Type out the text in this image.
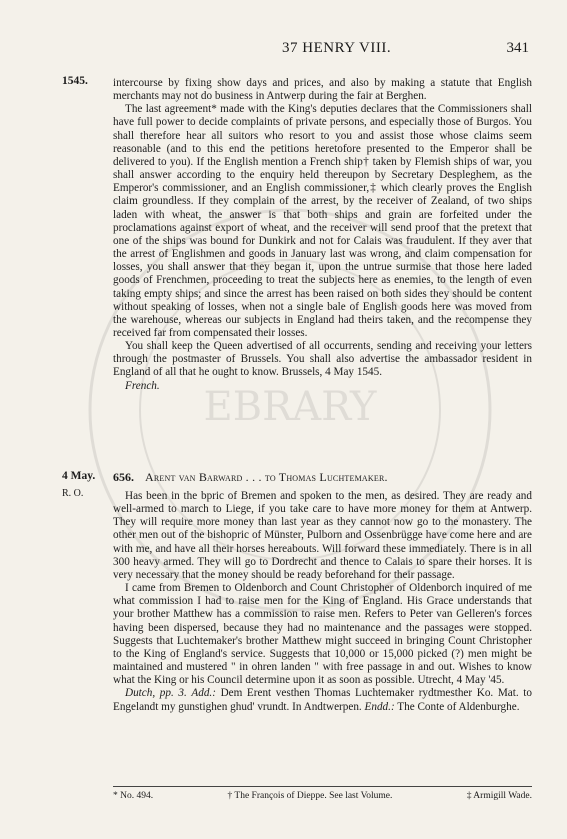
EBRARY
37 HENRY VIII.	341
1545. intercourse by fixing show days and prices, and also by making a statute that English merchants may not do business in Antwerp during the fair at Berghen.

The last agreement* made with the King's deputies declares that the Commissioners shall have full power to decide complaints of private persons, and especially those of Burgos. You shall therefore hear all suitors who resort to you and assist those whose claims seem reasonable (and to this end the petitions heretofore presented to the Emperor shall be delivered to you). If the English mention a French ship† taken by Flemish ships of war, you shall answer according to the enquiry held thereupon by Secretary Despleghem, as the Emperor's commissioner, and an English commissioner,‡ which clearly proves the English claim groundless. If they complain of the arrest, by the receiver of Zealand, of two ships laden with wheat, the answer is that both ships and grain are forfeited under the proclamations against export of wheat, and the receiver will send proof that the pretext that one of the ships was bound for Dunkirk and not for Calais was fraudulent. If they aver that the arrest of Englishmen and goods in January last was wrong, and claim compensation for losses, you shall answer that they began it, upon the untrue surmise that those here laded goods of Frenchmen, proceeding to treat the subjects here as enemies, to the length of even taking empty ships; and since the arrest has been raised on both sides they should be content without speaking of losses, when not a single bale of English goods here was moved from the warehouse, whereas our subjects in England had theirs taken, and the recompense they received far from compensated their losses.

You shall keep the Queen advertised of all occurrents, sending and receiving your letters through the postmaster of Brussels. You shall also advertise the ambassador resident in England of all that he ought to know. Brussels, 4 May 1545.

French.

4 May.
R. O.
656. Arent van Barward . . . to Thomas Luchtemaker.

Has been in the bpric of Bremen and spoken to the men, as desired. They are ready and well-armed to march to Liege, if you take care to have more money for them at Antwerp. They will require more money than last year as they cannot now go to the monastery. The other men out of the bishopric of Münster, Pulborn and Ossenbrügge have come here and are with me, and have all their horses hereabouts. Will forward these immediately. There is in all 300 heavy armed. They will go to Dordrecht and thence to Calais to spare their horses. It is very necessary that the money should be ready beforehand for their passage.

I came from Bremen to Oldenborch and Count Christopher of Oldenborch inquired of me what commission I had to raise men for the King of England. His Grace understands that your brother Matthew has a commission to raise men. Refers to Peter van Gelleren's forces having been dispersed, because they had no maintenance and the passages were stopped. Suggests that Luchtemaker's brother Matthew might succeed in bringing Count Christopher to the King of England's service. Suggests that 10,000 or 15,000 picked (?) men might be maintained and mustered " in ohren landen " with free passage in and out. Wishes to know what the King or his Council determine upon it as soon as possible. Utrecht, 4 May '45.

Dutch, pp. 3. Add.: Dem Erent vesthen Thomas Luchtemaker rydtmesther Ko. Mat. to Engelandt my gunstighen ghud' vrundt. In Andtwerpen. Endd.: The Conte of Aldenburghe.

* No. 494.	† The François of Dieppe. See last Volume.	‡ Armigill Wade.
